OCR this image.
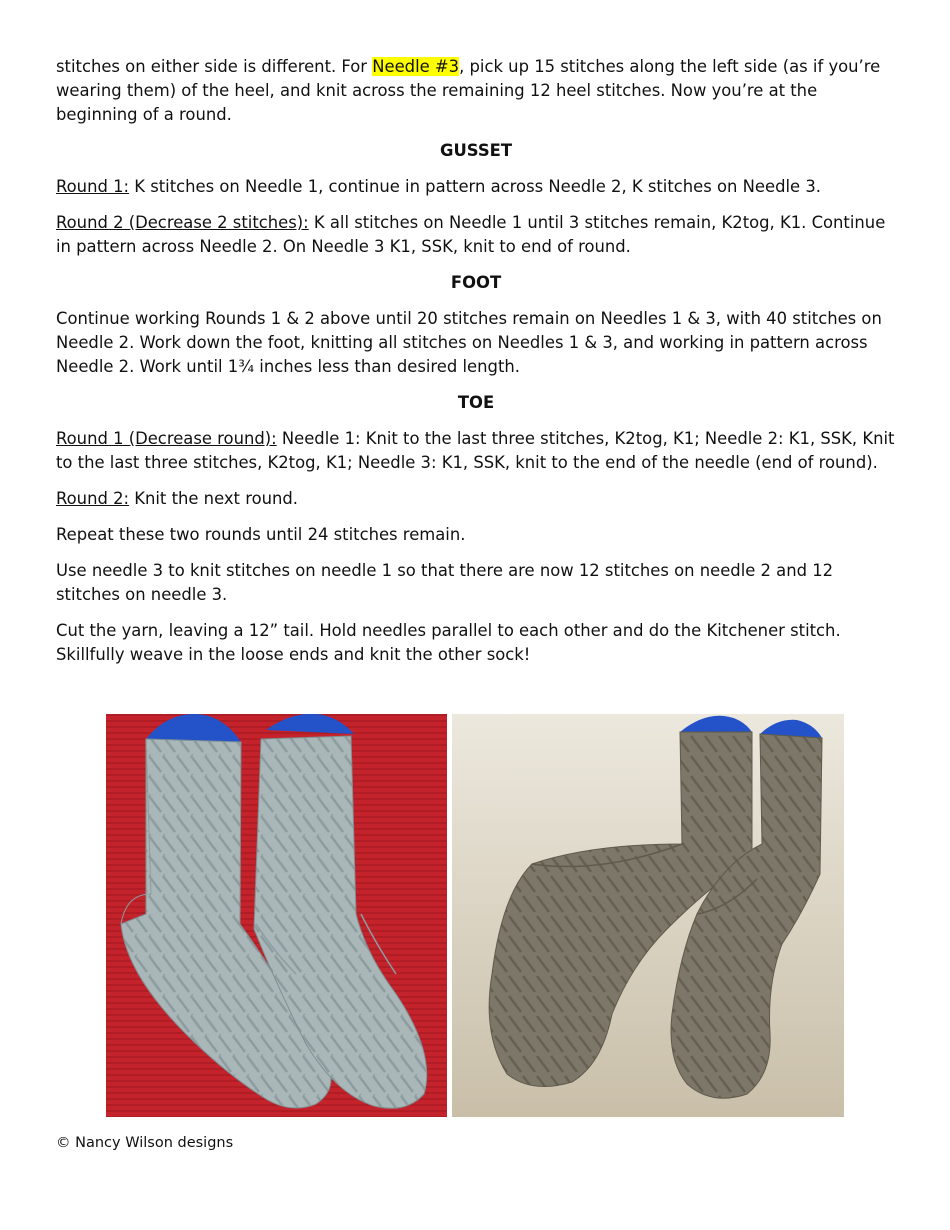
stitches on either side is different. For Needle #3, pick up 15 stitches along the left side (as if you’re wearing them) of the heel, and knit across the remaining 12 heel stitches. Now you’re at the beginning of a round.

GUSSET

Round 1: K stitches on Needle 1, continue in pattern across Needle 2, K stitches on Needle 3.

Round 2 (Decrease 2 stitches): K all stitches on Needle 1 until 3 stitches remain, K2tog, K1. Continue in pattern across Needle 2. On Needle 3 K1, SSK, knit to end of round.

FOOT

Continue working Rounds 1 & 2 above until 20 stitches remain on Needles 1 & 3, with 40 stitches on Needle 2. Work down the foot, knitting all stitches on Needles 1 & 3, and working in pattern across Needle 2. Work until 1¾ inches less than desired length.

TOE

Round 1 (Decrease round): Needle 1: Knit to the last three stitches, K2tog, K1; Needle 2: K1, SSK, Knit to the last three stitches, K2tog, K1; Needle 3: K1, SSK, knit to the end of the needle (end of round).

Round 2: Knit the next round.

Repeat these two rounds until 24 stitches remain.

Use needle 3 to knit stitches on needle 1 so that there are now 12 stitches on needle 2 and 12 stitches on needle 3.

Cut the yarn, leaving a 12” tail. Hold needles parallel to each other and do the Kitchener stitch. Skillfully weave in the loose ends and knit the other sock!

© Nancy Wilson designs
